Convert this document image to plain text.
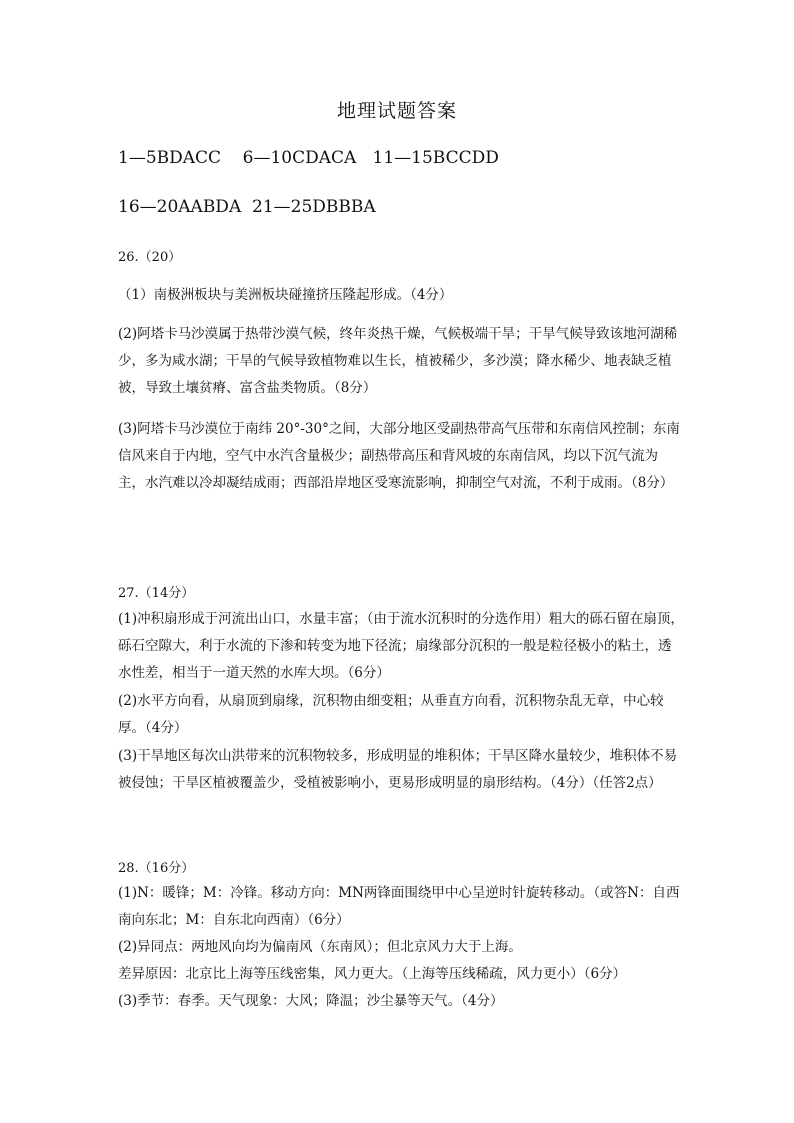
地理试题答案
1—5BDACC    6—10CDACA   11—15BCCDD
16—20AABDA  21—25DBBBA
26.（20）

（1）南极洲板块与美洲板块碰撞挤压隆起形成。（4分）

(2)阿塔卡马沙漠属于热带沙漠气候，终年炎热干燥，气候极端干旱；干旱气候导致该地河湖稀少，多为咸水湖；干旱的气候导致植物难以生长，植被稀少，多沙漠；降水稀少、地表缺乏植被，导致土壤贫瘠、富含盐类物质。（8分）

(3)阿塔卡马沙漠位于南纬 20°-30°之间，大部分地区受副热带高气压带和东南信风控制；东南信风来自于内地，空气中水汽含量极少；副热带高压和背风坡的东南信风，均以下沉气流为主，水汽难以冷却凝结成雨；西部沿岸地区受寒流影响，抑制空气对流，不利于成雨。（8分）

27.（14分）

(1)冲积扇形成于河流出山口，水量丰富；（由于流水沉积时的分选作用）粗大的砾石留在扇顶，砾石空隙大，利于水流的下渗和转变为地下径流；扇缘部分沉积的一般是粒径极小的粘土，透水性差，相当于一道天然的水库大坝。（6分）

(2)水平方向看，从扇顶到扇缘，沉积物由细变粗；从垂直方向看，沉积物杂乱无章，中心较厚。（4分）

(3)干旱地区每次山洪带来的沉积物较多，形成明显的堆积体；干旱区降水量较少，堆积体不易被侵蚀；干旱区植被覆盖少，受植被影响小，更易形成明显的扇形结构。（4分）（任答2点）

28.（16分）

(1)N：暖锋；M：冷锋。移动方向：MN两锋面围绕甲中心呈逆时针旋转移动。（或答N：自西南向东北；M：自东北向西南）（6分）

(2)异同点：两地风向均为偏南风（东南风）；但北京风力大于上海。

差异原因：北京比上海等压线密集，风力更大。（上海等压线稀疏，风力更小）（6分）

(3)季节：春季。天气现象：大风；降温；沙尘暴等天气。（4分）
